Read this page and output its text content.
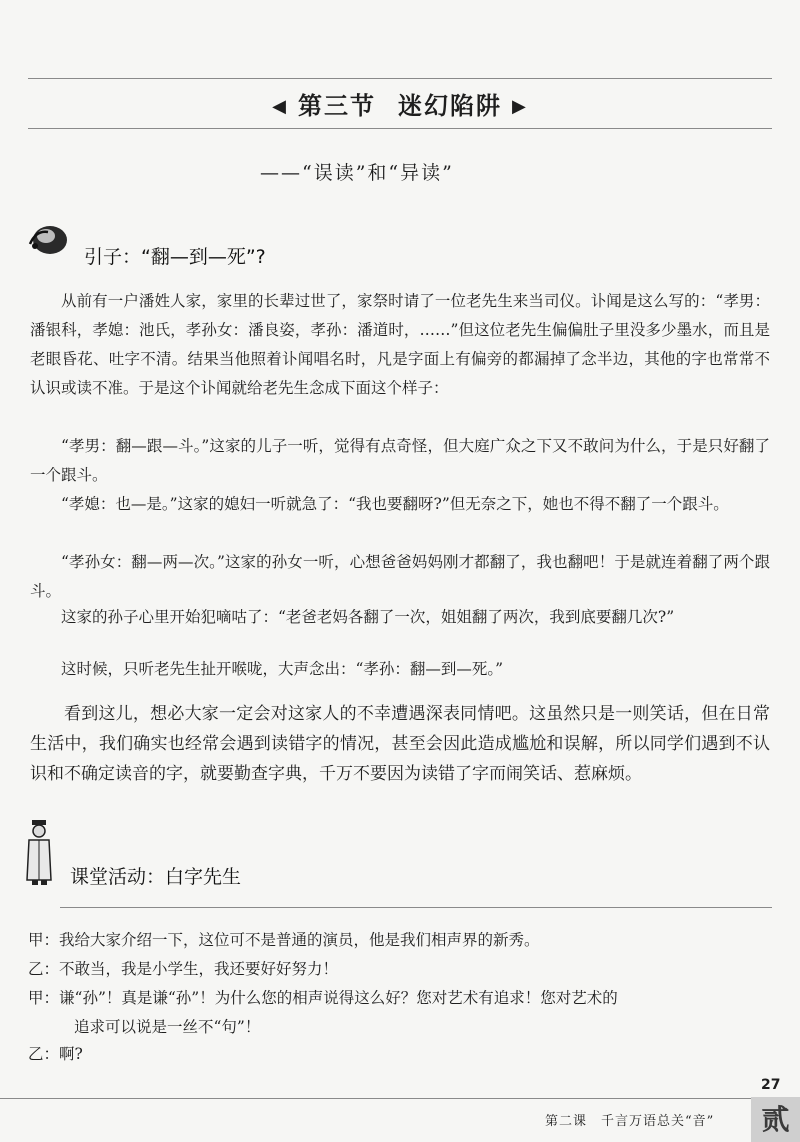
◀ 第三节 迷幻陷阱 ▶
——“误读”和“异读”
引子：“翻—到—死”?

从前有一户潘姓人家，家里的长辈过世了，家祭时请了一位老先生来当司仪。讣闻是这么写的：“孝男：潘银科，孝媳：池氏，孝孙女：潘良姿，孝孙：潘道时，……”但这位老先生偏偏肚子里没多少墨水，而且是老眼昏花、吐字不清。结果当他照着讣闻唱名时，凡是字面上有偏旁的都漏掉了念半边，其他的字也常常不认识或读不准。于是这个讣闻就给老先生念成下面这个样子：

“孝男：翻—跟—斗。”这家的儿子一听，觉得有点奇怪，但大庭广众之下又不敢问为什么，于是只好翻了一个跟斗。

“孝媳：也—是。”这家的媳妇一听就急了：“我也要翻呀?”但无奈之下，她也不得不翻了一个跟斗。

“孝孙女：翻—两—次。”这家的孙女一听，心想爸爸妈妈刚才都翻了，我也翻吧！于是就连着翻了两个跟斗。

这家的孙子心里开始犯嘀咕了：“老爸老妈各翻了一次，姐姐翻了两次，我到底要翻几次?”

这时候，只听老先生扯开喉咙，大声念出：“孝孙：翻—到—死。”

看到这儿，想必大家一定会对这家人的不幸遭遇深表同情吧。这虽然只是一则笑话，但在日常生活中，我们确实也经常会遇到读错字的情况，甚至会因此造成尴尬和误解，所以同学们遇到不认识和不确定读音的字，就要勤查字典，千万不要因为读错了字而闹笑话、惹麻烦。

课堂活动：白字先生

甲：我给大家介绍一下，这位可不是普通的演员，他是我们相声界的新秀。

乙：不敢当，我是小学生，我还要好好努力！

甲：谦“孙”！真是谦“孙”！为什么您的相声说得这么好？您对艺术有追求！您对艺术的
追求可以说是一丝不“句”！

乙：啊?

27
第二课　千言万语总关“音”	贰
